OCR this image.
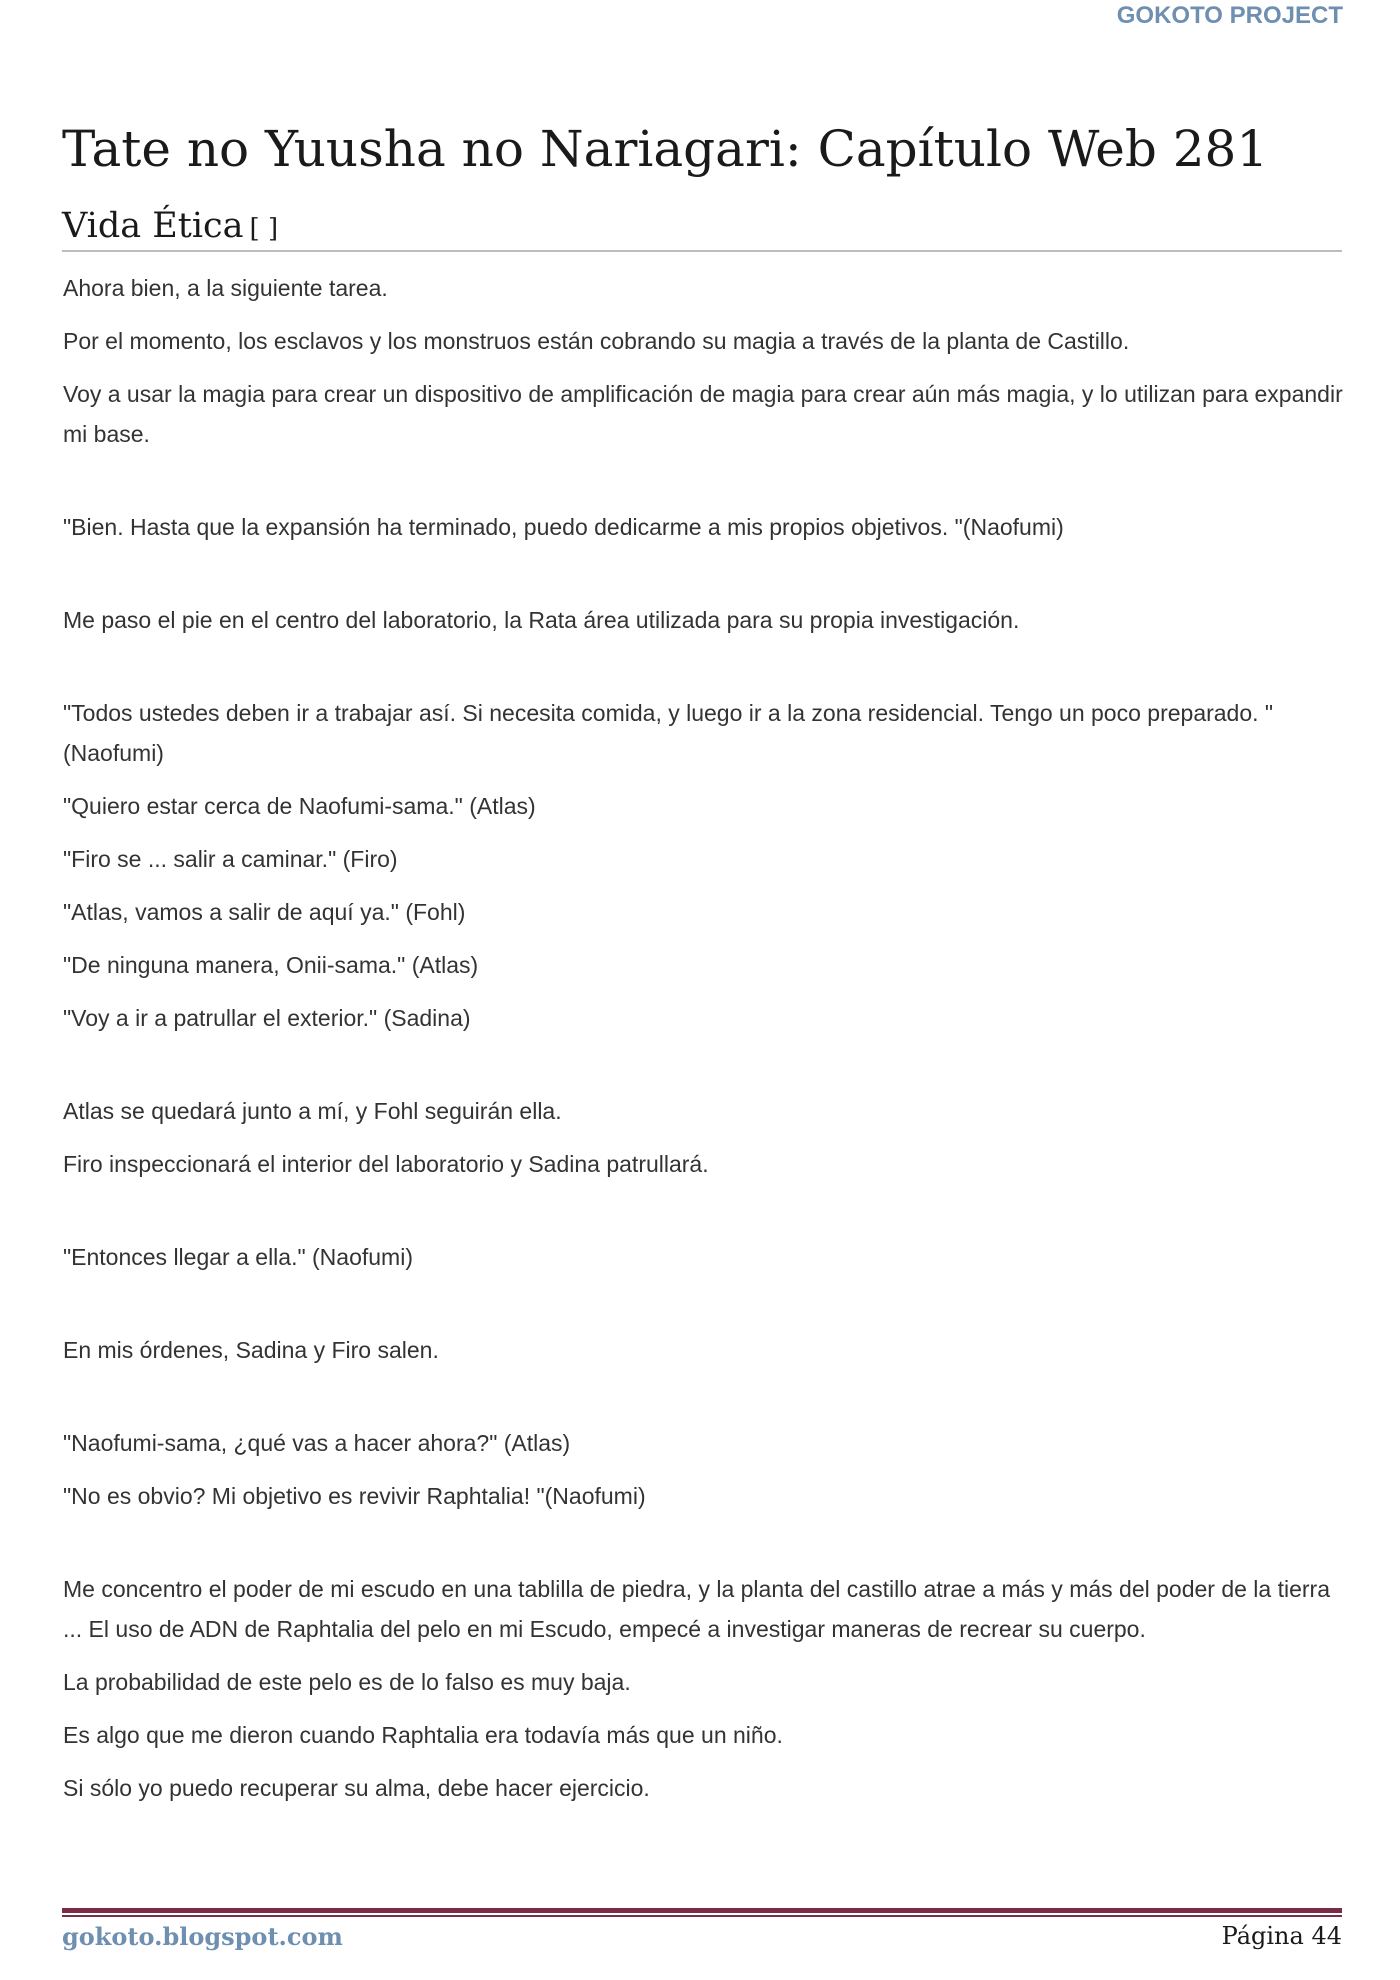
GOKOTO PROJECT
Tate no Yuusha no Nariagari: Capítulo Web 281
Vida Ética [ ]

Ahora bien, a la siguiente tarea.

Por el momento, los esclavos y los monstruos están cobrando su magia a través de la planta de Castillo.

Voy a usar la magia para crear un dispositivo de amplificación de magia para crear aún más magia, y lo utilizan para expandir mi base.

"Bien. Hasta que la expansión ha terminado, puedo dedicarme a mis propios objetivos. "(Naofumi)

Me paso el pie en el centro del laboratorio, la Rata área utilizada para su propia investigación.

"Todos ustedes deben ir a trabajar así. Si necesita comida, y luego ir a la zona residencial. Tengo un poco preparado. "(Naofumi)

"Quiero estar cerca de Naofumi-sama." (Atlas)

"Firo se ... salir a caminar." (Firo)

"Atlas, vamos a salir de aquí ya." (Fohl)

"De ninguna manera, Onii-sama." (Atlas)

"Voy a ir a patrullar el exterior." (Sadina)

Atlas se quedará junto a mí, y Fohl seguirán ella.

Firo inspeccionará el interior del laboratorio y Sadina patrullará.

"Entonces llegar a ella." (Naofumi)

En mis órdenes, Sadina y Firo salen.

"Naofumi-sama, ¿qué vas a hacer ahora?" (Atlas)

"No es obvio? Mi objetivo es revivir Raphtalia! "(Naofumi)

Me concentro el poder de mi escudo en una tablilla de piedra, y la planta del castillo atrae a más y más del poder de la tierra ... El uso de ADN de Raphtalia del pelo en mi Escudo, empecé a investigar maneras de recrear su cuerpo.

La probabilidad de este pelo es de lo falso es muy baja.

Es algo que me dieron cuando Raphtalia era todavía más que un niño.

Si sólo yo puedo recuperar su alma, debe hacer ejercicio.

gokoto.blogspot.com	Página 44
